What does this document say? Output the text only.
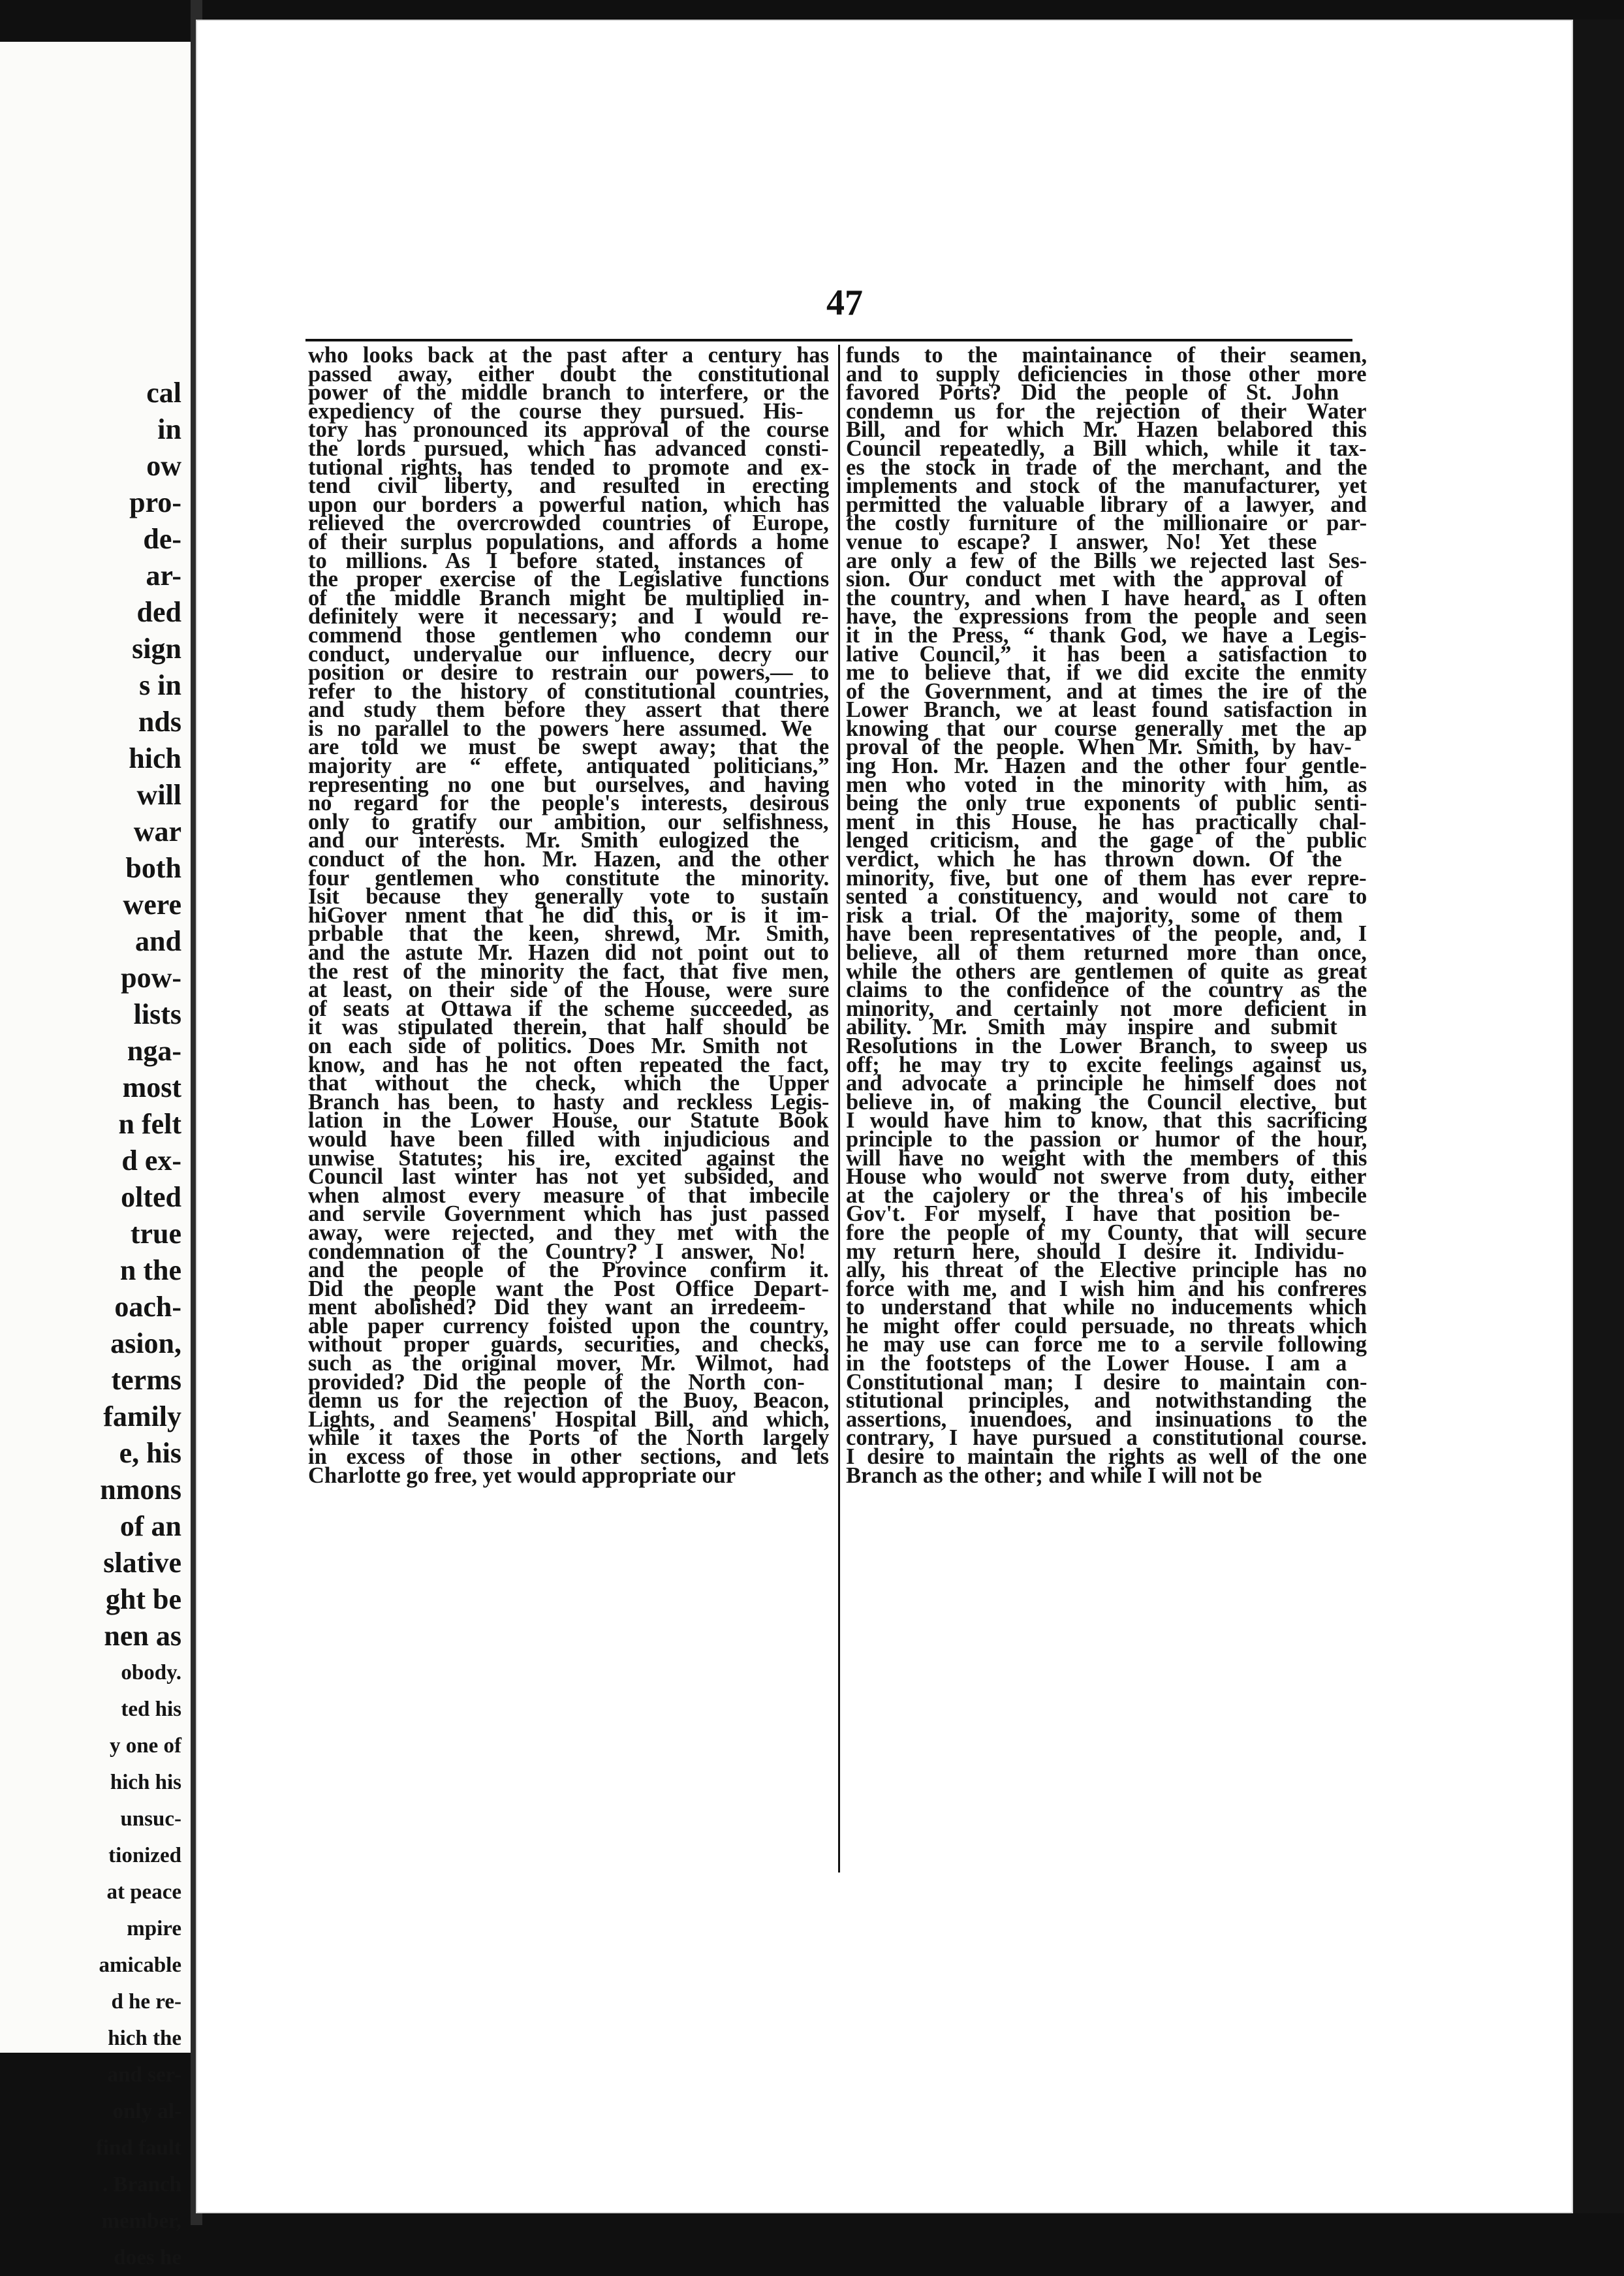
cal
in
ow
pro-
de-
ar-
ded
sign
s in
nds
hich
will
war
both
were
and
pow-
lists
nga-
most
n felt
d ex-
olted
true
n the
oach-
asion,
terms
family
e, his
nmons
of an
slative
ght be
nen as
obody.
ted his
y one of
hich his
unsuc-
tionized
at peace
mpire
amicable
d he re-
hich the
and ser-
only al-
find fault
. Branch
member,
does he
47
who looks back at the past after a century has
passed away, either doubt the constitutional
power of the middle branch to interfere, or the
expediency of the course they pursued. His-
tory has pronounced its approval of the course
the lords pursued, which has advanced consti-
tutional rights, has tended to promote and ex-
tend civil liberty, and resulted in erecting
upon our borders a powerful nation, which has
relieved the overcrowded countries of Europe,
of their surplus populations, and affords a home
to millions. As I before stated, instances of
the proper exercise of the Legislative functions
of the middle Branch might be multiplied in-
definitely were it necessary; and I would re-
commend those gentlemen who condemn our
conduct, undervalue our influence, decry our
position or desire to restrain our powers,— to
refer to the history of constitutional countries,
and study them before they assert that there
is no parallel to the powers here assumed. We
are told we must be swept away; that the
majority are “ effete, antiquated politicians,”
representing no one but ourselves, and having
no regard for the people's interests, desirous
only to gratify our ambition, our selfishness,
and our interests. Mr. Smith eulogized the
conduct of the hon. Mr. Hazen, and the other
four gentlemen who constitute the minority.
Isit because they generally vote to sustain
hiGover nment that he did this, or is it im-
prbable that the keen, shrewd, Mr. Smith,
and the astute Mr. Hazen did not point out to
the rest of the minority the fact, that five men,
at least, on their side of the House, were sure
of seats at Ottawa if the scheme succeeded, as
it was stipulated therein, that half should be
on each side of politics. Does Mr. Smith not
know, and has he not often repeated the fact,
that without the check, which the Upper
Branch has been, to hasty and reckless Legis-
lation in the Lower House, our Statute Book
would have been filled with injudicious and
unwise Statutes; his ire, excited against the
Council last winter has not yet subsided, and
when almost every measure of that imbecile
and servile Government which has just passed
away, were rejected, and they met with the
condemnation of the Country? I answer, No!
and the people of the Province confirm it.
Did the people want the Post Office Depart-
ment abolished? Did they want an irredeem-
able paper currency foisted upon the country,
without proper guards, securities, and checks,
such as the original mover, Mr. Wilmot, had
provided? Did the people of the North con-
demn us for the rejection of the Buoy, Beacon,
Lights, and Seamens' Hospital Bill, and which,
while it taxes the Ports of the North largely
in excess of those in other sections, and lets
Charlotte go free, yet would appropriate our
funds to the maintainance of their seamen,
and to supply deficiencies in those other more
favored Ports? Did the people of St. John
condemn us for the rejection of their Water
Bill, and for which Mr. Hazen belabored this
Council repeatedly, a Bill which, while it tax-
es the stock in trade of the merchant, and the
implements and stock of the manufacturer, yet
permitted the valuable library of a lawyer, and
the costly furniture of the millionaire or par-
venue to escape? I answer, No! Yet these
are only a few of the Bills we rejected last Ses-
sion. Our conduct met with the approval of
the country, and when I have heard, as I often
have, the expressions from the people and seen
it in the Press, “ thank God, we have a Legis-
lative Council,” it has been a satisfaction to
me to believe that, if we did excite the enmity
of the Government, and at times the ire of the
Lower Branch, we at least found satisfaction in
knowing that our course generally met the ap
proval of the people. When Mr. Smith, by hav-
ing Hon. Mr. Hazen and the other four gentle-
men who voted in the minority with him, as
being the only true exponents of public senti-
ment in this House, he has practically chal-
lenged criticism, and the gage of the public
verdict, which he has thrown down. Of the
minority, five, but one of them has ever repre-
sented a constituency, and would not care to
risk a trial. Of the majority, some of them
have been representatives of the people, and, I
believe, all of them returned more than once,
while the others are gentlemen of quite as great
claims to the confidence of the country as the
minority, and certainly not more deficient in
ability. Mr. Smith may inspire and submit
Resolutions in the Lower Branch, to sweep us
off; he may try to excite feelings against us,
and advocate a principle he himself does not
believe in, of making the Council elective, but
I would have him to know, that this sacrificing
principle to the passion or humor of the hour,
will have no weight with the members of this
House who would not swerve from duty, either
at the cajolery or the threa's of his imbecile
Gov't. For myself, I have that position be-
fore the people of my County, that will secure
my return here, should I desire it. Individu-
ally, his threat of the Elective principle has no
force with me, and I wish him and his confreres
to understand that while no inducements which
he might offer could persuade, no threats which
he may use can force me to a servile following
in the footsteps of the Lower House. I am a
Constitutional man; I desire to maintain con-
stitutional principles, and notwithstanding the
assertions, inuendoes, and insinuations to the
contrary, I have pursued a constitutional course.
I desire to maintain the rights as well of the one
Branch as the other; and while I will not be
